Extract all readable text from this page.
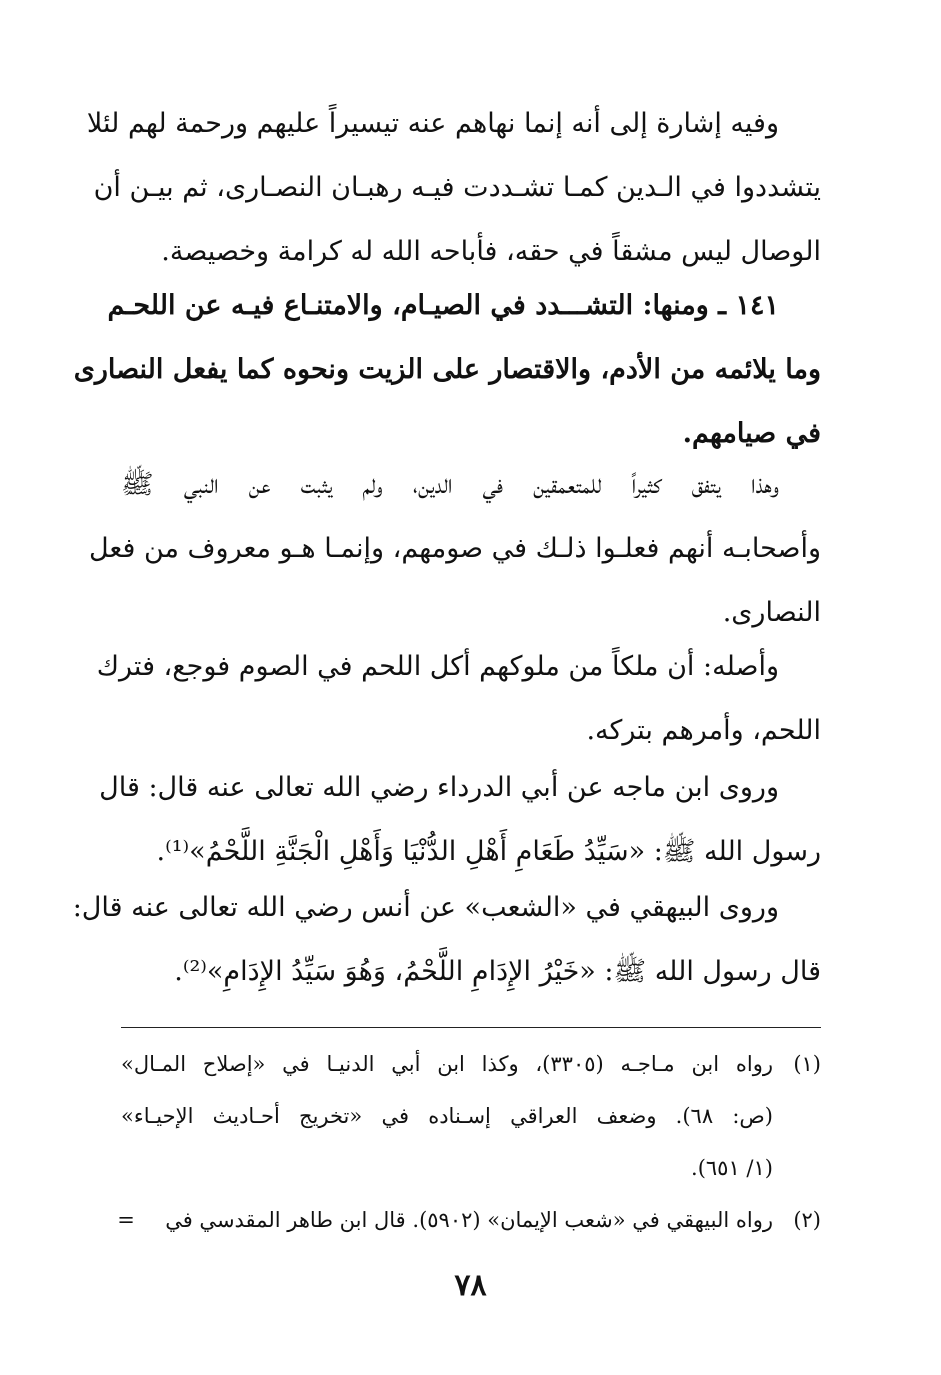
وفيه إشارة إلى أنه إنما نهاهم عنه تيسيراً عليهم ورحمة لهم لئلا
يتشددوا في الـدين كمـا تشـددت فيـه رهبـان النصـارى، ثم بيـن أن
الوصال ليس مشقاً في حقه، فأباحه الله له كرامة وخصيصة.
١٤١ ـ ومنها: التشـــدد في الصيـام، والامتنـاع فيـه عن اللحـم
وما يلائمه من الأدم، والاقتصار على الزيت ونحوه كما يفعل النصارى
في صيامهم.
وهذا يتفق كثيراً للمتعمقين في الدين، ولم يثبت عن النبي ﷺ
وأصحابـه أنهم فعلـوا ذلـك في صومهم، وإنمـا هـو معروف من فعل
النصارى.
وأصله: أن ملكاً من ملوكهم أكل اللحم في الصوم فوجع، فترك
اللحم، وأمرهم بتركه.
وروى ابن ماجه عن أبي الدرداء رضي الله تعالى عنه قال: قال
رسول الله ﷺ: «سَيِّدُ طَعَامِ أَهْلِ الدُّنْيَا وَأَهْلِ الْجَنَّةِ اللَّحْمُ»⁽¹⁾.
وروى البيهقي في «الشعب» عن أنس رضي الله تعالى عنه قال:
قال رسول الله ﷺ: «خَيْرُ الإِدَامِ اللَّحْمُ، وَهُوَ سَيِّدُ الإِدَامِ»⁽²⁾.
(١)
رواه ابن مـاجـه (٣٣٠٥)، وكذا ابن أبي الدنيـا في «إصلاح المـال»
(ص: ٦٨). وضعف العراقي إسـناده في «تخريج أحـاديث الإحيـاء»
(١/ ٦٥١).
(٢)
رواه البيهقي في «شعب الإيمان» (٥٩٠٢). قال ابن طاهر المقدسي في
=
٧٨
